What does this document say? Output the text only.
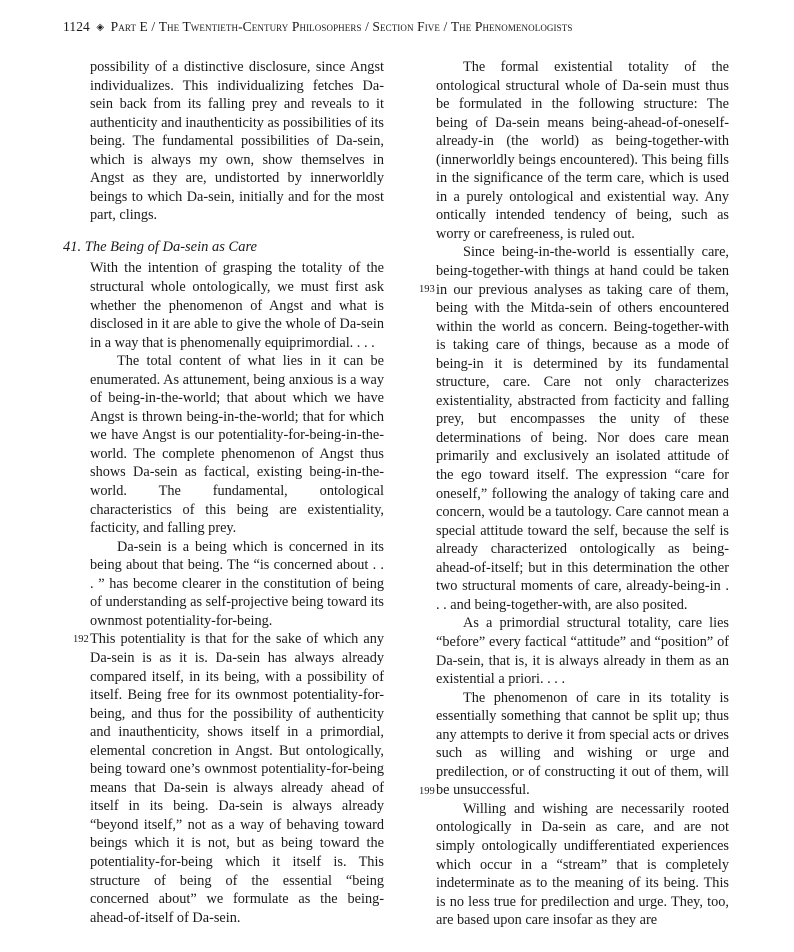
1124 ◈ Part E / The Twentieth-Century Philosophers / Section Five / The Phenomenologists

possibility of a distinctive disclosure, since Angst individualizes. This individualizing fetches Da-sein back from its falling prey and reveals to it authenticity and inauthenticity as possibilities of its being. The fundamental possibilities of Da-sein, which is always my own, show themselves in Angst as they are, undistorted by innerworldly beings to which Da-sein, initially and for the most part, clings.

41. The Being of Da-sein as Care

With the intention of grasping the totality of the structural whole ontologically, we must first ask whether the phenomenon of Angst and what is disclosed in it are able to give the whole of Da-sein in a way that is phenomenally equiprimordial. . . .

The total content of what lies in it can be enumerated. As attunement, being anxious is a way of being-in-the-world; that about which we have Angst is thrown being-in-the-world; that for which we have Angst is our potentiality-for-being-in-the-world. The complete phenomenon of Angst thus shows Da-sein as factical, existing being-in-the-world. The fundamental, ontological characteristics of this being are existentiality, facticity, and falling prey.

Da-sein is a being which is concerned in its being about that being. The “is concerned about . . . ” has become clearer in the constitution of being of understanding as self-projective being toward its ownmost potentiality-for-being.

192 This potentiality is that for the sake of which any Da-sein is as it is. Da-sein has always already compared itself, in its being, with a possibility of itself. Being free for its ownmost potentiality-for-being, and thus for the possibility of authenticity and inauthenticity, shows itself in a primordial, elemental concretion in Angst. But ontologically, being toward one’s ownmost potentiality-for-being means that Da-sein is always already ahead of itself in its being. Da-sein is always already “beyond itself,” not as a way of behaving toward beings which it is not, but as being toward the potentiality-for-being which it itself is. This structure of being of the essential “being concerned about” we formulate as the being-ahead-of-itself of Da-sein.

The formal existential totality of the ontological structural whole of Da-sein must thus be formulated in the following structure: The being of Da-sein means being-ahead-of-oneself-already-in (the world) as being-together-with (innerworldly beings encountered). This being fills in the significance of the term care, which is used in a purely ontological and existential way. Any ontically intended tendency of being, such as worry or carefreeness, is ruled out.

193
Since being-in-the-world is essentially care, being-together-with things at hand could be taken in our previous analyses as taking care of them, being with the Mitda-sein of others encountered within the world as concern. Being-together-with is taking care of things, because as a mode of being-in it is determined by its fundamental structure, care. Care not only characterizes existentiality, abstracted from facticity and falling prey, but encompasses the unity of these determinations of being. Nor does care mean primarily and exclusively an isolated attitude of the ego toward itself. The expression “care for oneself,” following the analogy of taking care and concern, would be a tautology. Care cannot mean a special attitude toward the self, because the self is already characterized ontologically as being-ahead-of-itself; but in this determination the other two structural moments of care, already-being-in . . . and being-together-with, are also posited.

As a primordial structural totality, care lies “before” every factical “attitude” and “position” of Da-sein, that is, it is always already in them as an existential a priori. . . .

199
The phenomenon of care in its totality is essentially something that cannot be split up; thus any attempts to derive it from special acts or drives such as willing and wishing or urge and predilection, or of constructing it out of them, will be unsuccessful.

Willing and wishing are necessarily rooted ontologically in Da-sein as care, and are not simply ontologically undifferentiated experiences which occur in a “stream” that is completely indeterminate as to the meaning of its being. This is no less true for predilection and urge. They, too, are based upon care insofar as they are
